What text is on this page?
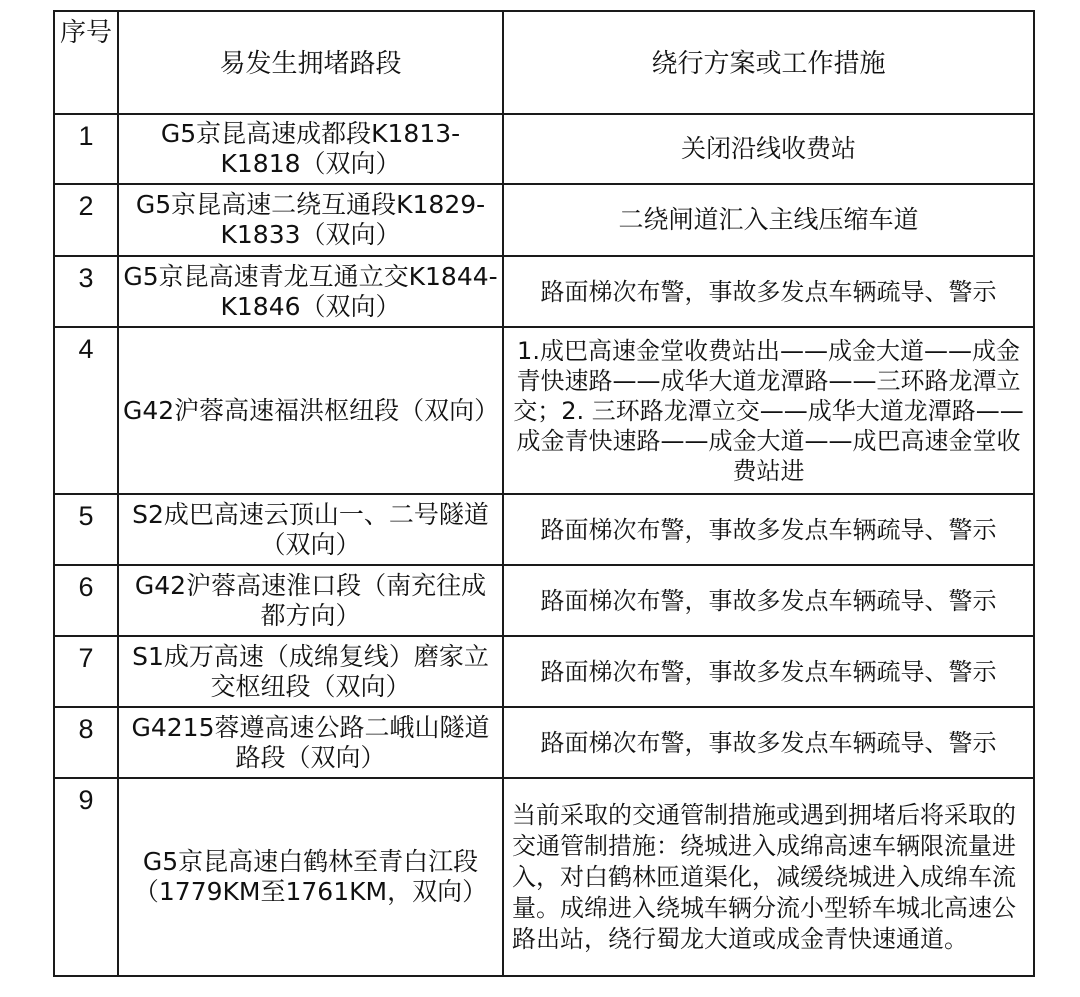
序号	易发生拥堵路段	绕行方案或工作措施
1	G5京昆高速成都段K1813-K1818（双向）	关闭沿线收费站
2	G5京昆高速二绕互通段K1829-K1833（双向）	二绕闸道汇入主线压缩车道
3	G5京昆高速青龙互通立交K1844-K1846（双向）	路面梯次布警，事故多发点车辆疏导、警示
4	G42沪蓉高速福洪枢纽段（双向）	1.成巴高速金堂收费站出——成金大道——成金青快速路——成华大道龙潭路——三环路龙潭立交；2. 三环路龙潭立交——成华大道龙潭路——成金青快速路——成金大道——成巴高速金堂收费站进
5	S2成巴高速云顶山一、二号隧道（双向）	路面梯次布警，事故多发点车辆疏导、警示
6	G42沪蓉高速淮口段（南充往成都方向）	路面梯次布警，事故多发点车辆疏导、警示
7	S1成万高速（成绵复线）磨家立交枢纽段（双向）	路面梯次布警，事故多发点车辆疏导、警示
8	G4215蓉遵高速公路二峨山隧道路段（双向）	路面梯次布警，事故多发点车辆疏导、警示
9	G5京昆高速白鹤林至青白江段（1779KM至1761KM，双向）	当前采取的交通管制措施或遇到拥堵后将采取的交通管制措施：绕城进入成绵高速车辆限流量进入，对白鹤林匝道渠化，减缓绕城进入成绵车流量。成绵进入绕城车辆分流小型轿车城北高速公路出站，绕行蜀龙大道或成金青快速通道。
